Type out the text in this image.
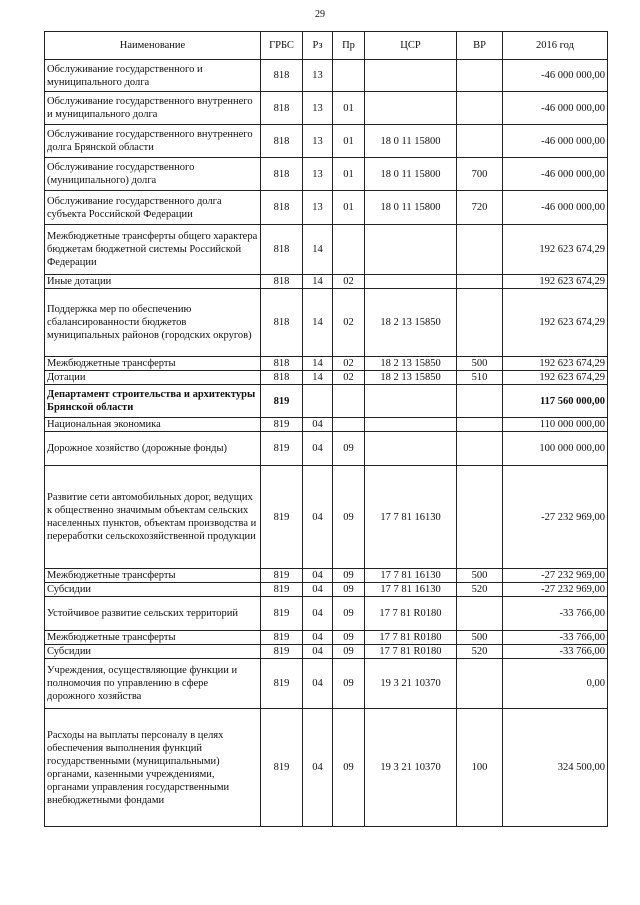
29
Наименование	ГРБС	Рз	Пр	ЦСР	ВР	2016 год
Обслуживание государственного и муниципального долга	818	13				-46 000 000,00
Обслуживание государственного внутреннего и муниципального долга	818	13	01			-46 000 000,00
Обслуживание государственного внутреннего долга Брянской области	818	13	01	18 0 11 15800		-46 000 000,00
Обслуживание государственного (муниципального) долга	818	13	01	18 0 11 15800	700	-46 000 000,00
Обслуживание государственного долга субъекта Российской Федерации	818	13	01	18 0 11 15800	720	-46 000 000,00
Межбюджетные трансферты общего характера бюджетам бюджетной системы Российской Федерации	818	14				192 623 674,29
Иные дотации	818	14	02			192 623 674,29
Поддержка мер по обеспечению сбалансированности бюджетов муниципальных районов (городских округов)	818	14	02	18 2 13 15850		192 623 674,29
Межбюджетные трансферты	818	14	02	18 2 13 15850	500	192 623 674,29
Дотации	818	14	02	18 2 13 15850	510	192 623 674,29
Департамент строительства и архитектуры Брянской области	819					117 560 000,00
Национальная экономика	819	04				110 000 000,00
Дорожное хозяйство (дорожные фонды)	819	04	09			100 000 000,00
Развитие сети автомобильных дорог, ведущих к общественно значимым объектам сельских населенных пунктов, объектам производства и переработки сельскохозяйственной продукции	819	04	09	17 7 81 16130		-27 232 969,00
Межбюджетные трансферты	819	04	09	17 7 81 16130	500	-27 232 969,00
Субсидии	819	04	09	17 7 81 16130	520	-27 232 969,00
Устойчивое развитие сельских территорий	819	04	09	17 7 81 R0180		-33 766,00
Межбюджетные трансферты	819	04	09	17 7 81 R0180	500	-33 766,00
Субсидии	819	04	09	17 7 81 R0180	520	-33 766,00
Учреждения, осуществляющие функции и полномочия по управлению в сфере дорожного хозяйства	819	04	09	19 3 21 10370		0,00
Расходы на выплаты персоналу в целях обеспечения выполнения функций государственными (муниципальными) органами, казенными учреждениями, органами управления государственными внебюджетными фондами	819	04	09	19 3 21 10370	100	324 500,00
